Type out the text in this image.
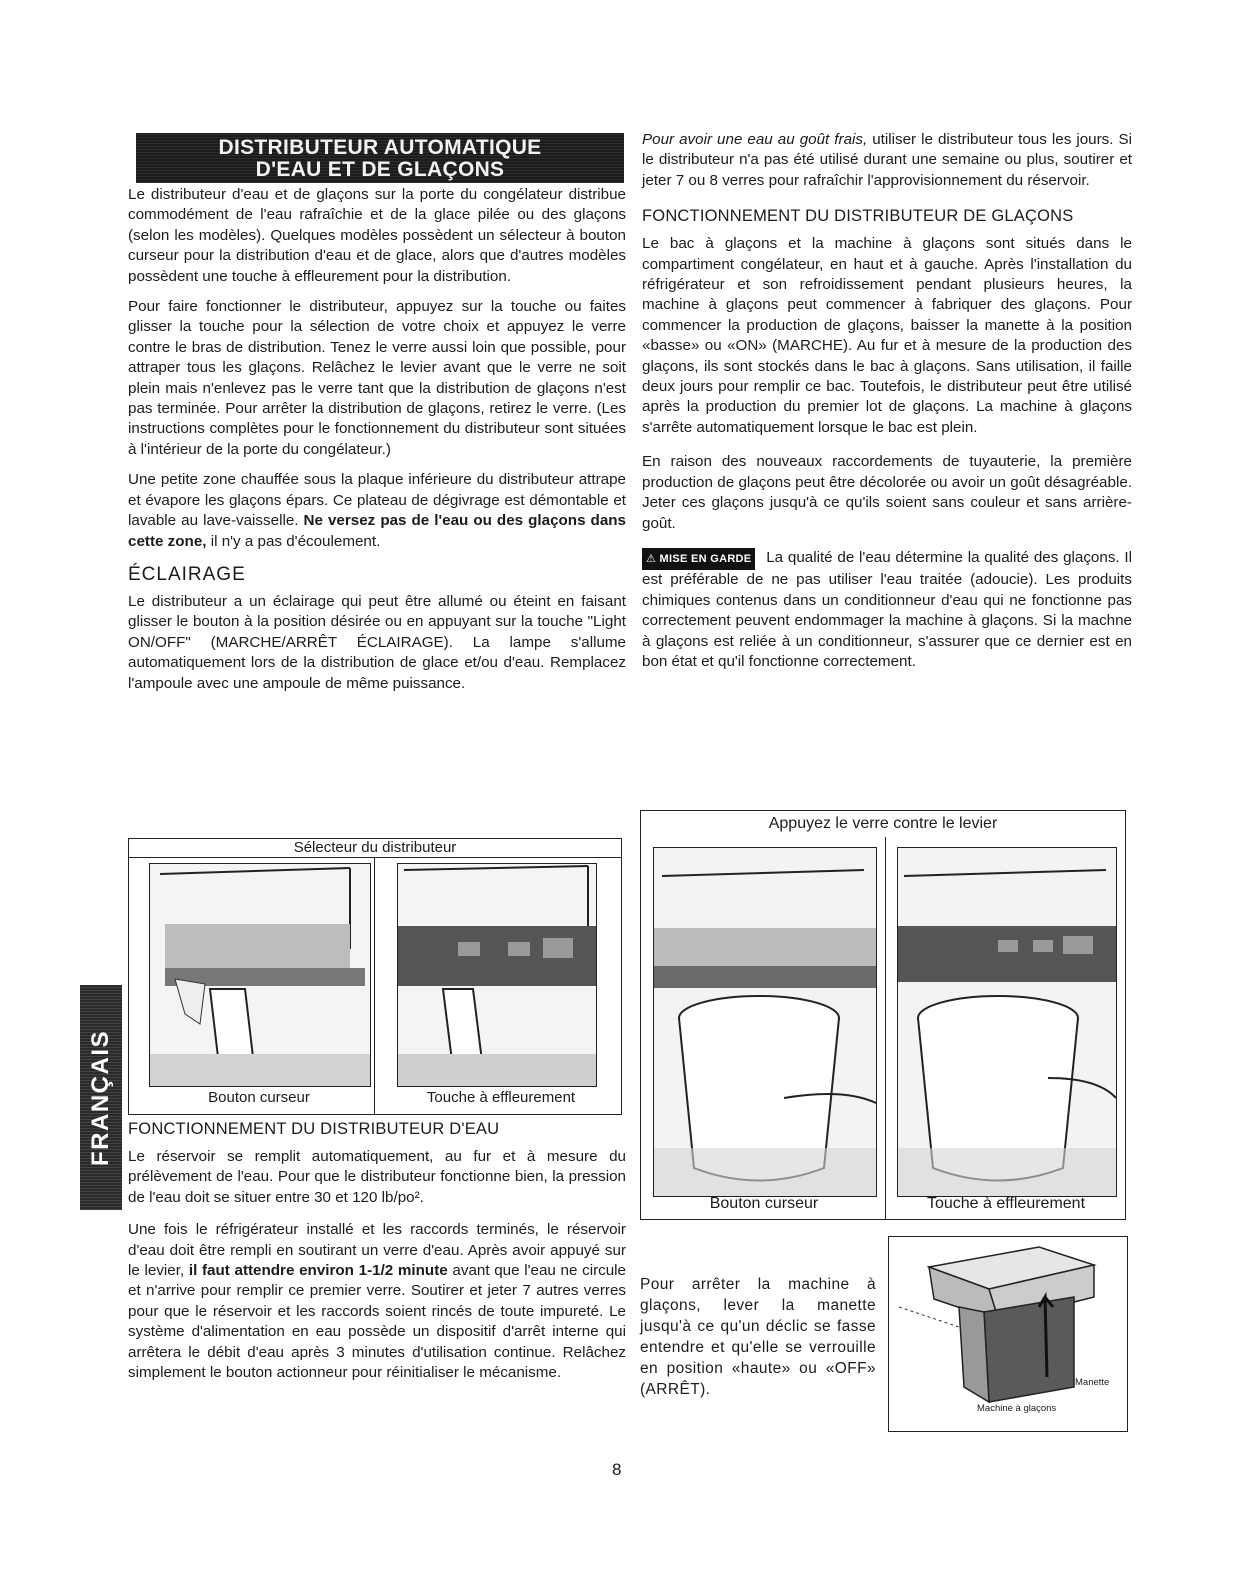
DISTRIBUTEUR AUTOMATIQUE
D'EAU ET DE GLAÇONS
FRANÇAIS

Le distributeur d'eau et de glaçons sur la porte du congélateur distribue commodément de l'eau rafraîchie et de la glace pilée ou des glaçons (selon les modèles). Quelques modèles possèdent un sélecteur à bouton curseur pour la distribution d'eau et de glace, alors que d'autres modèles possèdent une touche à effleurement pour la distribution.

Pour faire fonctionner le distributeur, appuyez sur la touche ou faites glisser la touche pour la sélection de votre choix et appuyez le verre contre le bras de distribution. Tenez le verre aussi loin que possible, pour attraper tous les glaçons. Relâchez le levier avant que le verre ne soit plein mais n'enlevez pas le verre tant que la distribution de glaçons n'est pas terminée. Pour arrêter la distribution de glaçons, retirez le verre. (Les instructions complètes pour le fonctionnement du distributeur sont situées à l'intérieur de la porte du congélateur.)

Une petite zone chauffée sous la plaque inférieure du distributeur attrape et évapore les glaçons épars. Ce plateau de dégivrage est démontable et lavable au lave-vaisselle. Ne versez pas de l'eau ou des glaçons dans cette zone, il n'y a pas d'écoulement.

ÉCLAIRAGE

Le distributeur a un éclairage qui peut être allumé ou éteint en faisant glisser le bouton à la position désirée ou en appuyant sur la touche "Light ON/OFF" (MARCHE/ARRÊT ÉCLAIRAGE). La lampe s'allume automatiquement lors de la distribution de glace et/ou d'eau. Remplacez l'ampoule avec une ampoule de même puissance.

Sélecteur du distributeur
Bouton curseur	Touche à effleurement
FONCTIONNEMENT DU DISTRIBUTEUR D'EAU

Le réservoir se remplit automatiquement, au fur et à mesure du prélèvement de l'eau. Pour que le distributeur fonctionne bien, la pression de l'eau doit se situer entre 30 et 120 lb/po².

Une fois le réfrigérateur installé et les raccords terminés, le réservoir d'eau doit être rempli en soutirant un verre d'eau. Après avoir appuyé sur le levier, il faut attendre environ 1-1/2 minute avant que l'eau ne circule et n'arrive pour remplir ce premier verre. Soutirer et jeter 7 autres verres pour que le réservoir et les raccords soient rincés de toute impureté. Le système d'alimentation en eau possède un dispositif d'arrêt interne qui arrêtera le débit d'eau après 3 minutes d'utilisation continue. Relâchez simplement le bouton actionneur pour réinitialiser le mécanisme.

Pour avoir une eau au goût frais, utiliser le distributeur tous les jours. Si le distributeur n'a pas été utilisé durant une semaine ou plus, soutirer et jeter 7 ou 8 verres pour rafraîchir l'approvisionnement du réservoir.

FONCTIONNEMENT DU DISTRIBUTEUR DE GLAÇONS

Le bac à glaçons et la machine à glaçons sont situés dans le compartiment congélateur, en haut et à gauche. Après l'installation du réfrigérateur et son refroidissement pendant plusieurs heures, la machine à glaçons peut commencer à fabriquer des glaçons. Pour commencer la production de glaçons, baisser la manette à la position «basse» ou «ON» (MARCHE). Au fur et à mesure de la production des glaçons, ils sont stockés dans le bac à glaçons. Sans utilisation, il faille deux jours pour remplir ce bac. Toutefois, le distributeur peut être utilisé après la production du premier lot de glaçons. La machine à glaçons s'arrête automatiquement lorsque le bac est plein.

En raison des nouveaux raccordements de tuyauterie, la première production de glaçons peut être décolorée ou avoir un goût désagréable. Jeter ces glaçons jusqu'à ce qu'ils soient sans couleur et sans arrière-goût.

⚠ MISE EN GARDE La qualité de l'eau détermine la qualité des glaçons. Il est préférable de ne pas utiliser l'eau traitée (adoucie). Les produits chimiques contenus dans un conditionneur d'eau qui ne fonctionne pas correctement peuvent endommager la machine à glaçons. Si la machne à glaçons est reliée à un conditionneur, s'assurer que ce dernier est en bon état et qu'il fonctionne correctement.

Appuyez le verre contre le levier
Bouton curseur	Touche à effleurement

Pour arrêter la machine à glaçons, lever la manette jusqu'à ce qu'un déclic se fasse entendre et qu'elle se verrouille en position «haute» ou «OFF» (ARRÊT).	Manette
Machine à glaçons
8
